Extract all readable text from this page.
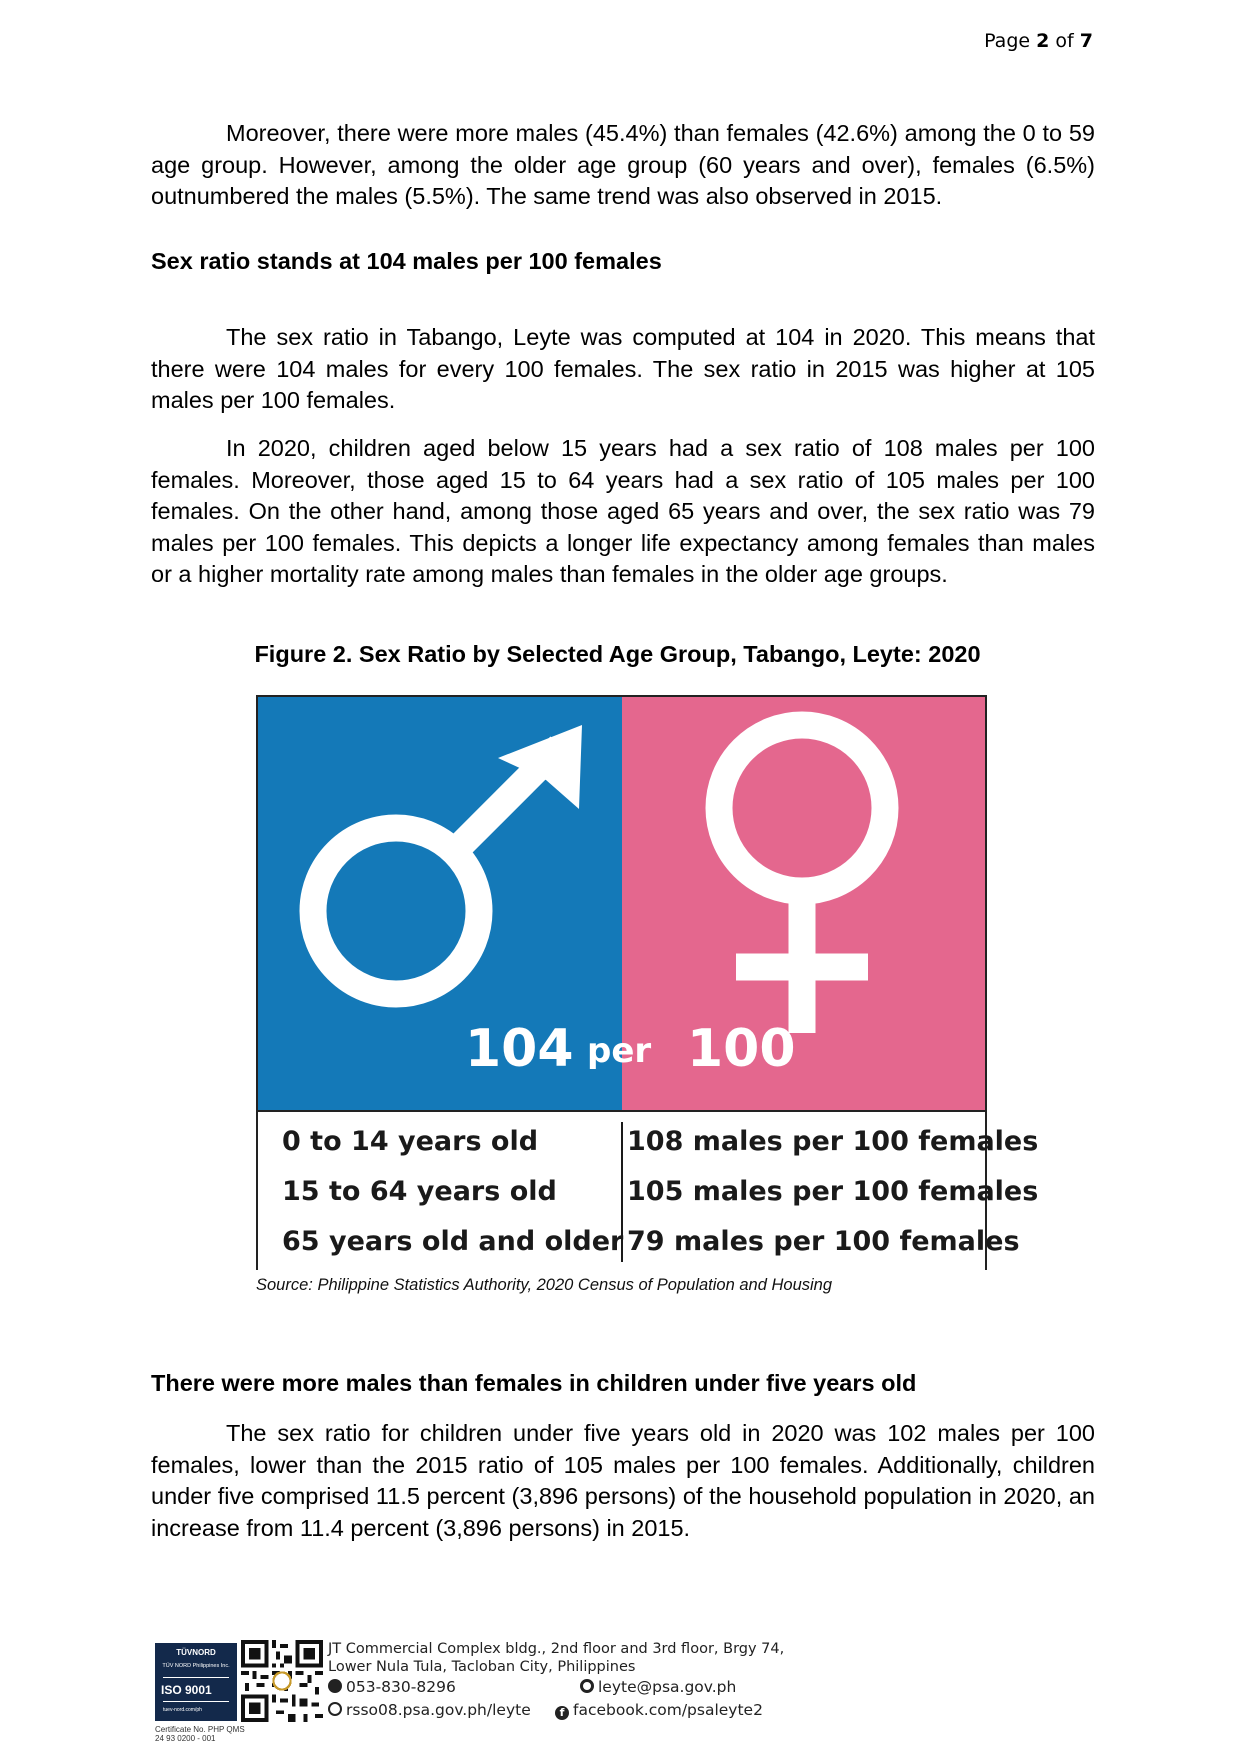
Page 2 of 7

Moreover, there were more males (45.4%) than females (42.6%) among the 0 to 59 age group. However, among the older age group (60 years and over), females (6.5%) outnumbered the males (5.5%). The same trend was also observed in 2015.

Sex ratio stands at 104 males per 100 females

The sex ratio in Tabango, Leyte was computed at 104 in 2020. This means that there were 104 males for every 100 females. The sex ratio in 2015 was higher at 105 males per 100 females.

In 2020, children aged below 15 years had a sex ratio of 108 males per 100 females. Moreover, those aged 15 to 64 years had a sex ratio of 105 males per 100 females. On the other hand, among those aged 65 years and over, the sex ratio was 79 males per 100 females. This depicts a longer life expectancy among females than males or a higher mortality rate among males than females in the older age groups.

Figure 2. Sex Ratio by Selected Age Group, Tabango, Leyte: 2020
104 per 100
0 to 14 years old	108 males per 100 females
15 to 64 years old	105 males per 100 females
65 years old and older 79 males per 100 females
Source: Philippine Statistics Authority, 2020 Census of Population and Housing
There were more males than females in children under five years old

The sex ratio for children under five years old in 2020 was 102 males per 100 females, lower than the 2015 ratio of 105 males per 100 females. Additionally, children under five comprised 11.5 percent (3,896 persons) of the household population in 2020, an increase from 11.4 percent (3,896 persons) in 2015.

TÜVNORD
TÜV NORD Philippines Inc.
ISO 9001
tuev-nord.com/ph
Certificate No. PHP QMS 24 93 0200 - 001
JT Commercial Complex bldg., 2nd floor and 3rd floor, Brgy 74,
Lower Nula Tula, Tacloban City, Philippines
053-830-8296	leyte@psa.gov.ph
rsso08.psa.gov.ph/leyte	f facebook.com/psaleyte2
